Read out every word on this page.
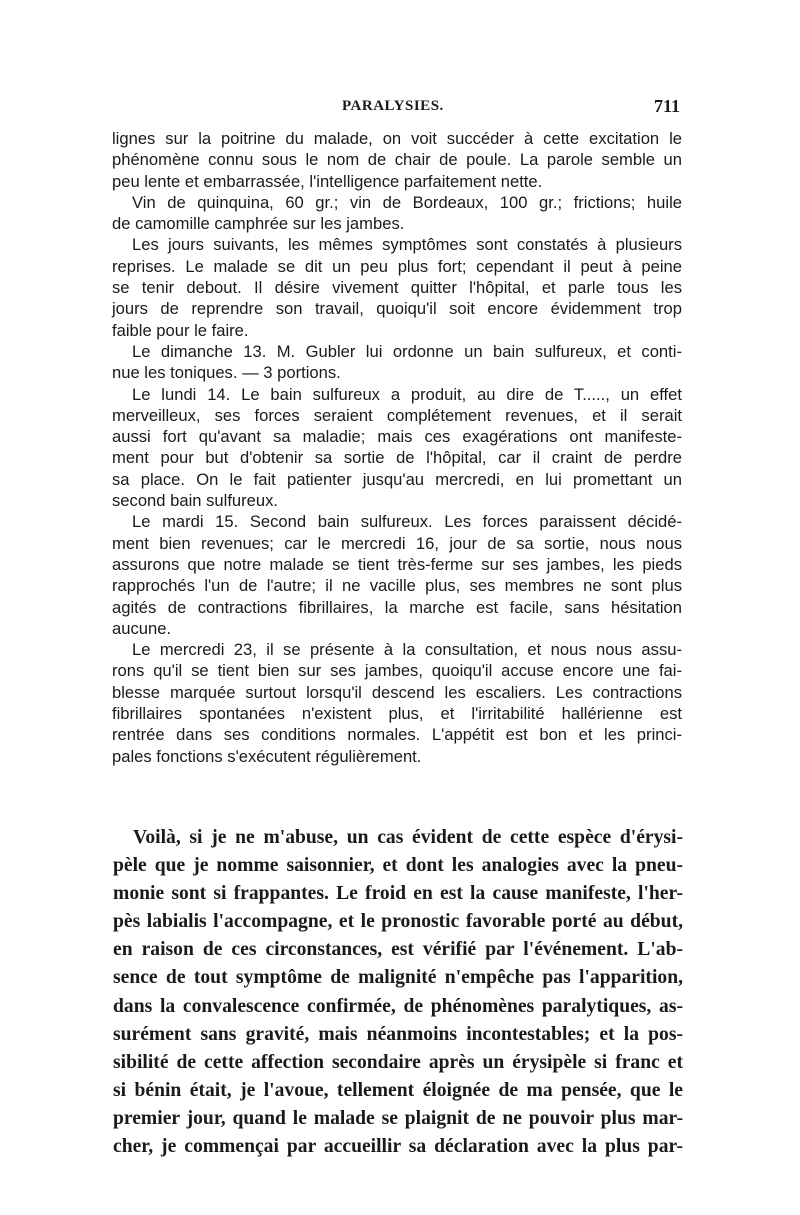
PARALYSIES.	711
lignes sur la poitrine du malade, on voit succéder à cette excitation le
phénomène connu sous le nom de chair de poule. La parole semble un
peu lente et embarrassée, l'intelligence parfaitement nette.
Vin de quinquina, 60 gr.; vin de Bordeaux, 100 gr.; frictions; huile
de camomille camphrée sur les jambes.
Les jours suivants, les mêmes symptômes sont constatés à plusieurs
reprises. Le malade se dit un peu plus fort; cependant il peut à peine
se tenir debout. Il désire vivement quitter l'hôpital, et parle tous les
jours de reprendre son travail, quoiqu'il soit encore évidemment trop
faible pour le faire.
Le dimanche 13. M. Gubler lui ordonne un bain sulfureux, et conti-
nue les toniques. — 3 portions.
Le lundi 14. Le bain sulfureux a produit, au dire de T....., un effet
merveilleux, ses forces seraient complétement revenues, et il serait
aussi fort qu'avant sa maladie; mais ces exagérations ont manifeste-
ment pour but d'obtenir sa sortie de l'hôpital, car il craint de perdre
sa place. On le fait patienter jusqu'au mercredi, en lui promettant un
second bain sulfureux.
Le mardi 15. Second bain sulfureux. Les forces paraissent décidé-
ment bien revenues; car le mercredi 16, jour de sa sortie, nous nous
assurons que notre malade se tient très-ferme sur ses jambes, les pieds
rapprochés l'un de l'autre; il ne vacille plus, ses membres ne sont plus
agités de contractions fibrillaires, la marche est facile, sans hésitation
aucune.
Le mercredi 23, il se présente à la consultation, et nous nous assu-
rons qu'il se tient bien sur ses jambes, quoiqu'il accuse encore une fai-
blesse marquée surtout lorsqu'il descend les escaliers. Les contractions
fibrillaires spontanées n'existent plus, et l'irritabilité hallérienne est
rentrée dans ses conditions normales. L'appétit est bon et les princi-
pales fonctions s'exécutent régulièrement.
Voilà, si je ne m'abuse, un cas évident de cette espèce d'érysi-
pèle que je nomme saisonnier, et dont les analogies avec la pneu-
monie sont si frappantes. Le froid en est la cause manifeste, l'her-
pès labialis l'accompagne, et le pronostic favorable porté au début,
en raison de ces circonstances, est vérifié par l'événement. L'ab-
sence de tout symptôme de malignité n'empêche pas l'apparition,
dans la convalescence confirmée, de phénomènes paralytiques, as-
surément sans gravité, mais néanmoins incontestables; et la pos-
sibilité de cette affection secondaire après un érysipèle si franc et
si bénin était, je l'avoue, tellement éloignée de ma pensée, que le
premier jour, quand le malade se plaignit de ne pouvoir plus mar-
cher, je commençai par accueillir sa déclaration avec la plus par-
